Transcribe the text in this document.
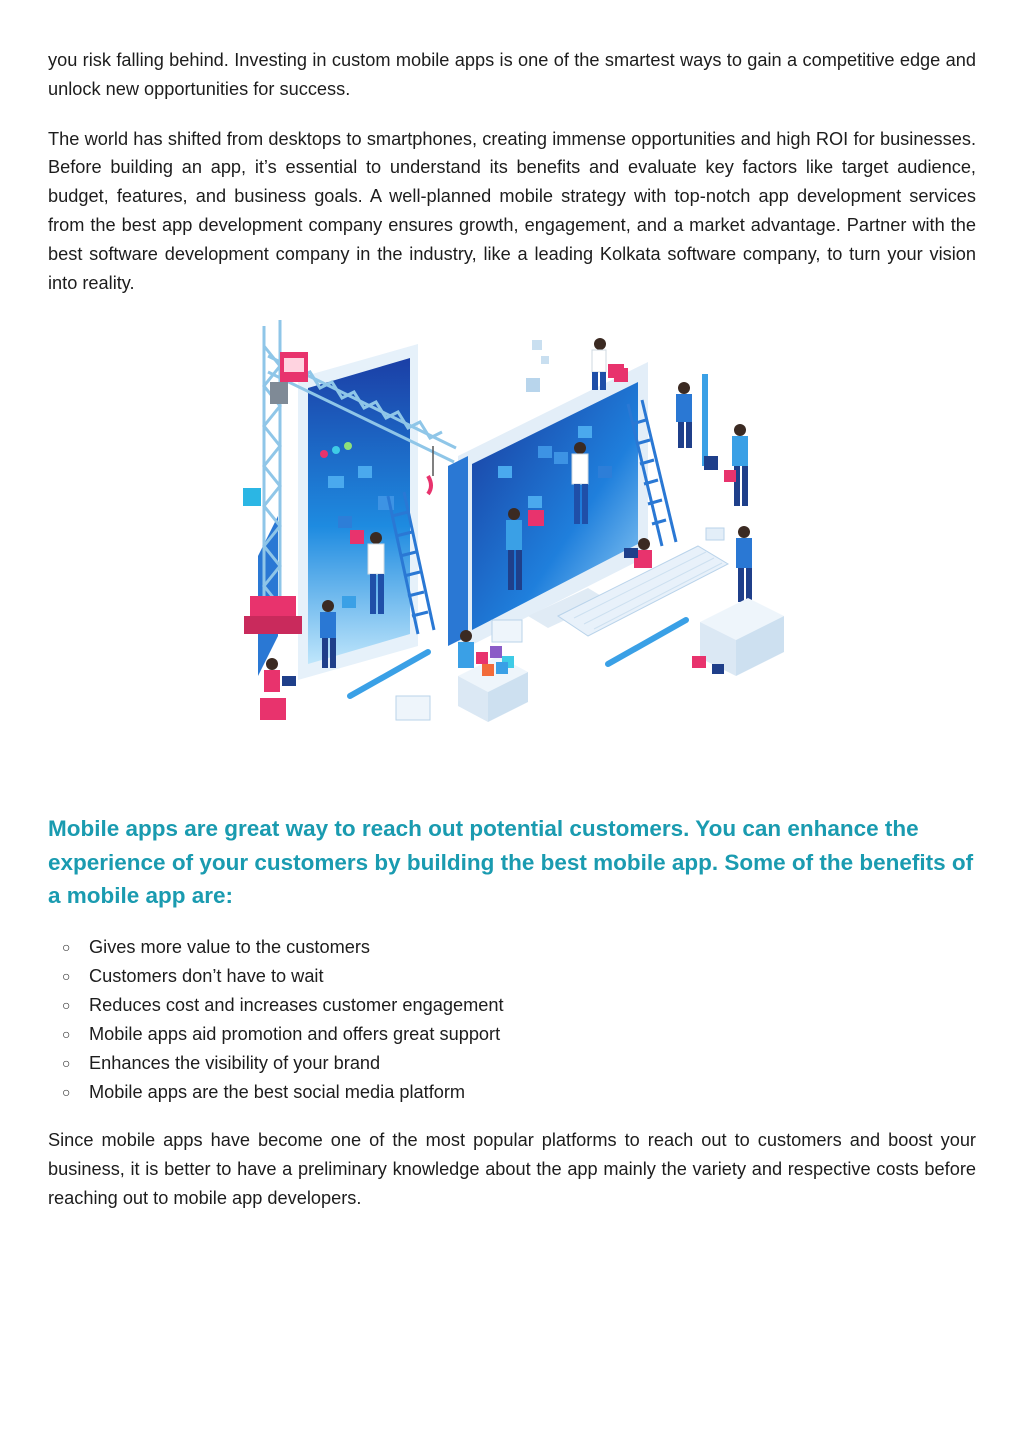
you risk falling behind. Investing in custom mobile apps is one of the smartest ways to gain a competitive edge and unlock new opportunities for success.

The world has shifted from desktops to smartphones, creating immense opportunities and high ROI for businesses. Before building an app, it’s essential to understand its benefits and evaluate key factors like target audience, budget, features, and business goals. A well-planned mobile strategy with top-notch app development services from the best app development company ensures growth, engagement, and a market advantage. Partner with the best software development company in the industry, like a leading Kolkata software company, to turn your vision into reality.

Mobile apps are great way to reach out potential customers. You can enhance the experience of your customers by building the best mobile app. Some of the benefits of a mobile app are:
○ Gives more value to the customers
○ Customers don’t have to wait
○ Reduces cost and increases customer engagement
○ Mobile apps aid promotion and offers great support
○ Enhances the visibility of your brand
○ Mobile apps are the best social media platform

Since mobile apps have become one of the most popular platforms to reach out to customers and boost your business, it is better to have a preliminary knowledge about the app mainly the variety and respective costs before reaching out to mobile app developers.
